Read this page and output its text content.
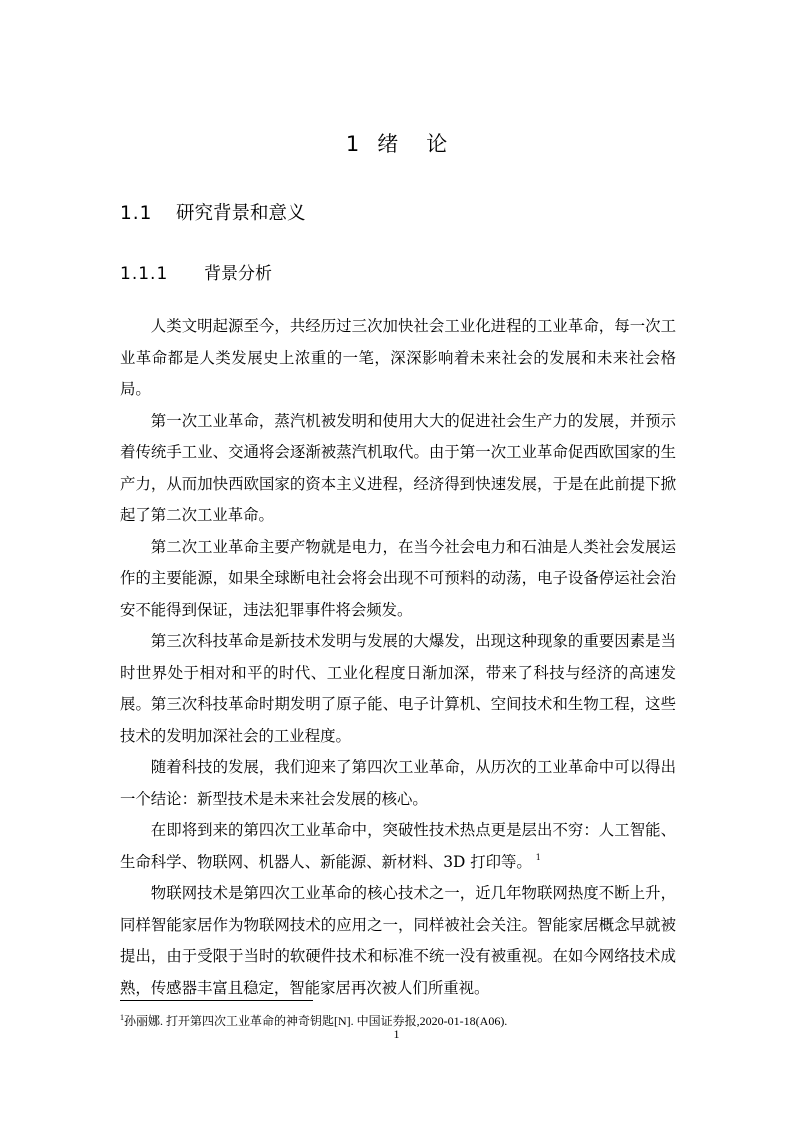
1 绪 论
1.1 研究背景和意义
1.1.1 背景分析

人类文明起源至今，共经历过三次加快社会工业化进程的工业革命，每一次工业革命都是人类发展史上浓重的一笔，深深影响着未来社会的发展和未来社会格局。

第一次工业革命，蒸汽机被发明和使用大大的促进社会生产力的发展，并预示着传统手工业、交通将会逐渐被蒸汽机取代。由于第一次工业革命促西欧国家的生产力，从而加快西欧国家的资本主义进程，经济得到快速发展，于是在此前提下掀起了第二次工业革命。

第二次工业革命主要产物就是电力，在当今社会电力和石油是人类社会发展运作的主要能源，如果全球断电社会将会出现不可预料的动荡，电子设备停运社会治安不能得到保证，违法犯罪事件将会频发。

第三次科技革命是新技术发明与发展的大爆发，出现这种现象的重要因素是当时世界处于相对和平的时代、工业化程度日渐加深，带来了科技与经济的高速发展。第三次科技革命时期发明了原子能、电子计算机、空间技术和生物工程，这些技术的发明加深社会的工业程度。

随着科技的发展，我们迎来了第四次工业革命，从历次的工业革命中可以得出一个结论：新型技术是未来社会发展的核心。

在即将到来的第四次工业革命中，突破性技术热点更是层出不穷：人工智能、生命科学、物联网、机器人、新能源、新材料、3D 打印等。 $^1$

物联网技术是第四次工业革命的核心技术之一，近几年物联网热度不断上升，同样智能家居作为物联网技术的应用之一，同样被社会关注。智能家居概念早就被提出，由于受限于当时的软硬件技术和标准不统一没有被重视。在如今网络技术成熟，传感器丰富且稳定，智能家居再次被人们所重视。

$^1$孙丽娜. 打开第四次工业革命的神奇钥匙[N]. 中国证券报,2020-01-18(A06).
1
